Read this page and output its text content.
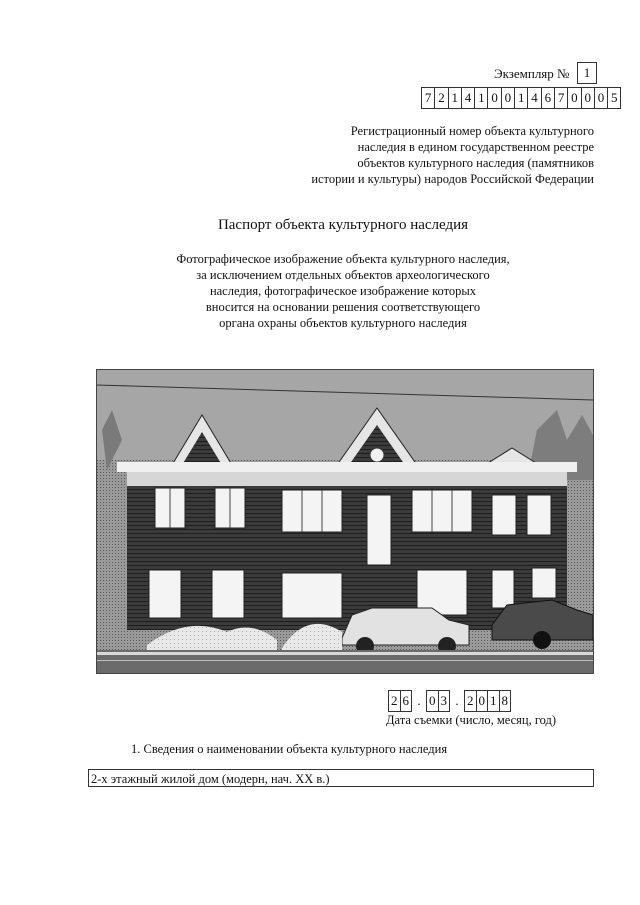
Экземпляр №	1
7 2 1 4 1 0 0 1 4 6 7 0 0 0 5
Регистрационный номер объекта культурного
наследия в едином государственном реестре
объектов культурного наследия (памятников
истории и культуры) народов Российской Федерации
Паспорт объекта культурного наследия
Фотографическое изображение объекта культурного наследия,
за исключением отдельных объектов археологического
наследия, фотографическое изображение которых
вносится на основании решения соответствующего
органа охраны объектов культурного наследия
2 6 . 0 3 . 2 0 1 8
Дата съемки (число, месяц, год)
1. Сведения о наименовании объекта культурного наследия
2-х этажный жилой дом (модерн, нач. XX в.)
